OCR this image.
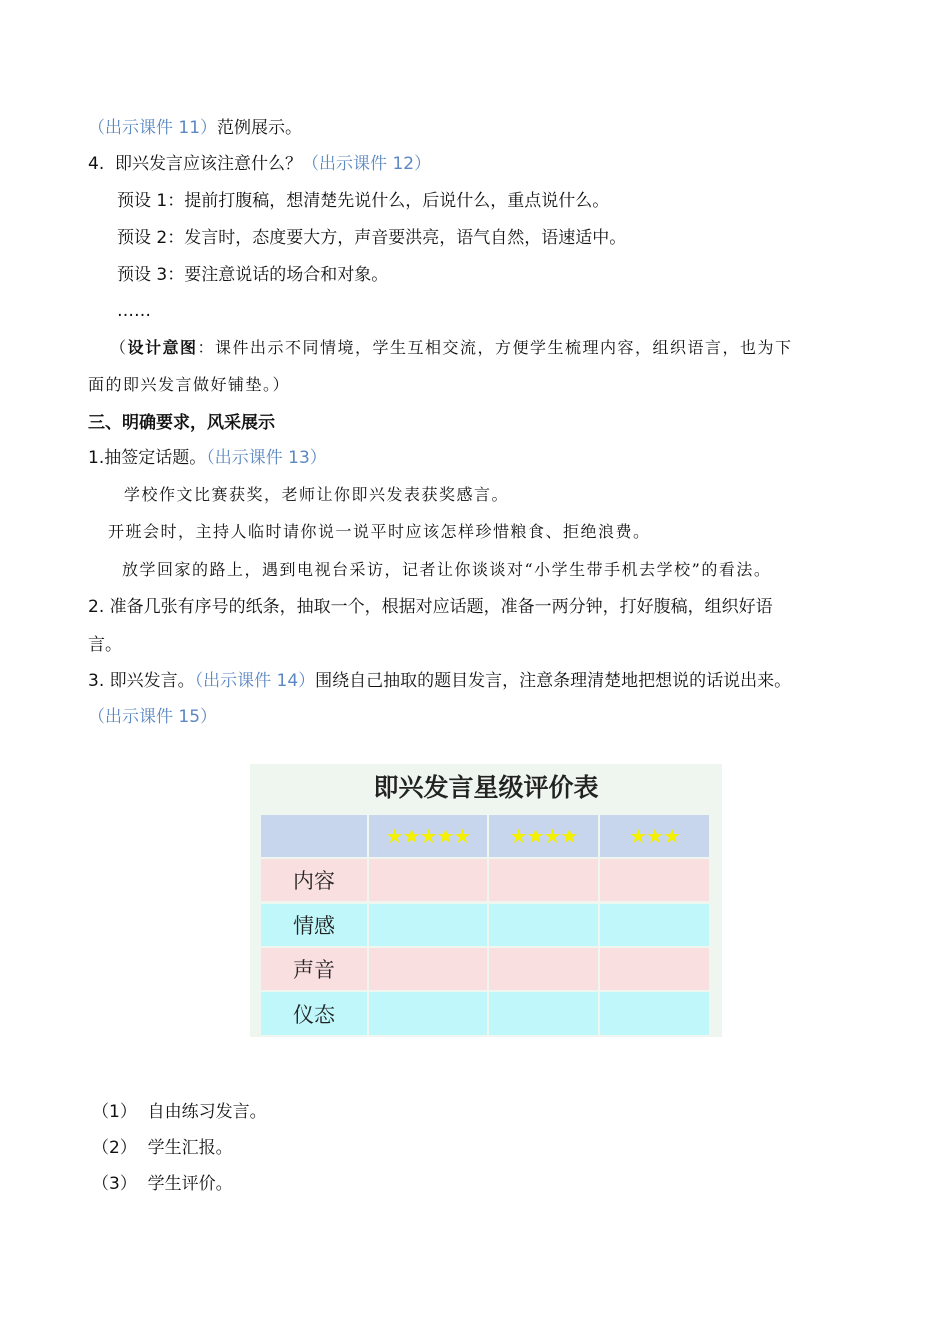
（出示课件 11）范例展示。
4. 即兴发言应该注意什么？（出示课件 12）
预设 1：提前打腹稿，想清楚先说什么，后说什么，重点说什么。
预设 2：发言时，态度要大方，声音要洪亮，语气自然，语速适中。
预设 3：要注意说话的场合和对象。
……
（设计意图：课件出示不同情境，学生互相交流，方便学生梳理内容，组织语言，也为下
面的即兴发言做好铺垫。）
三、明确要求，风采展示
1.抽签定话题。（出示课件 13）
学校作文比赛获奖，老师让你即兴发表获奖感言。
开班会时，主持人临时请你说一说平时应该怎样珍惜粮食、拒绝浪费。
放学回家的路上，遇到电视台采访，记者让你谈谈对“小学生带手机去学校”的看法。
2. 准备几张有序号的纸条，抽取一个，根据对应话题，准备一两分钟，打好腹稿，组织好语
言。
3. 即兴发言。（出示课件 14）围绕自己抽取的题目发言，注意条理清楚地把想说的话说出来。
（出示课件 15）
即兴发言星级评价表
★★★★★	★★★★	★★★
内容
情感
声音
仪态
（1） 自由练习发言。
（2） 学生汇报。
（3） 学生评价。
